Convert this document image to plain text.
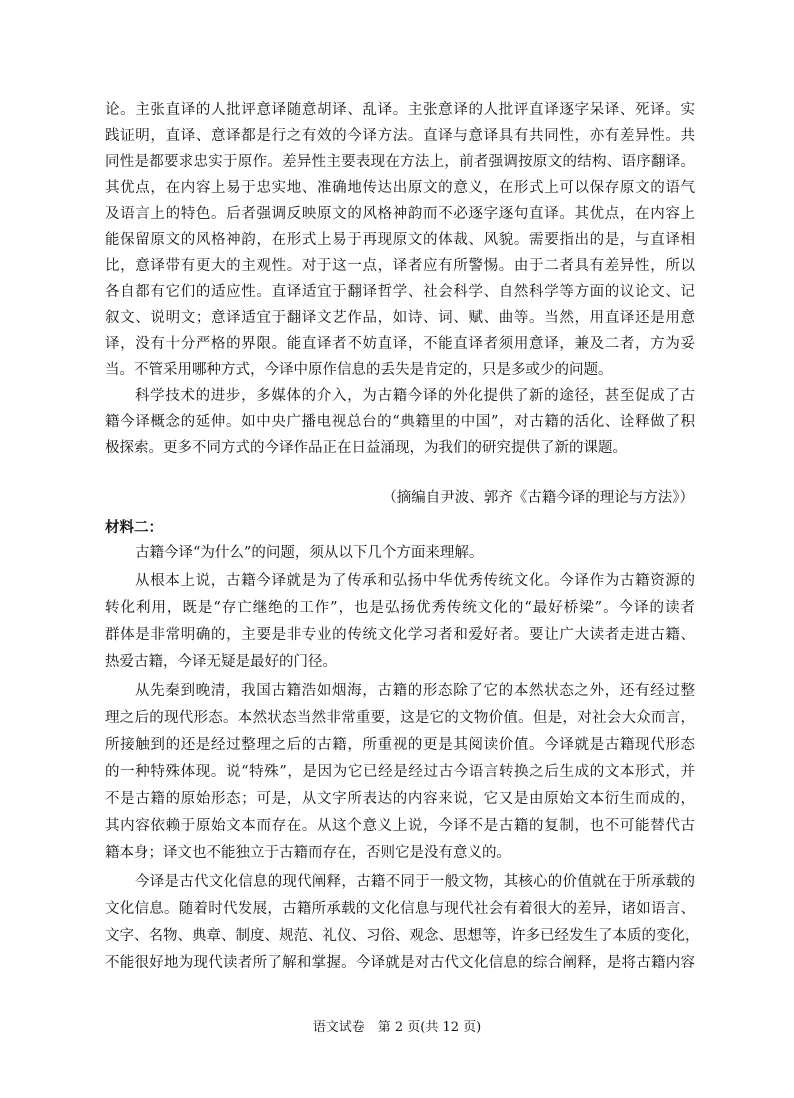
论。主张直译的人批评意译随意胡译、乱译。主张意译的人批评直译逐字呆译、死译。实
践证明，直译、意译都是行之有效的今译方法。直译与意译具有共同性，亦有差异性。共
同性是都要求忠实于原作。差异性主要表现在方法上，前者强调按原文的结构、语序翻译。
其优点，在内容上易于忠实地、准确地传达出原文的意义，在形式上可以保存原文的语气
及语言上的特色。后者强调反映原文的风格神韵而不必逐字逐句直译。其优点，在内容上
能保留原文的风格神韵，在形式上易于再现原文的体裁、风貌。需要指出的是，与直译相
比，意译带有更大的主观性。对于这一点，译者应有所警惕。由于二者具有差异性，所以
各自都有它们的适应性。直译适宜于翻译哲学、社会科学、自然科学等方面的议论文、记
叙文、说明文；意译适宜于翻译文艺作品，如诗、词、赋、曲等。当然，用直译还是用意
译，没有十分严格的界限。能直译者不妨直译，不能直译者须用意译，兼及二者，方为妥
当。不管采用哪种方式，今译中原作信息的丢失是肯定的，只是多或少的问题。
科学技术的进步，多媒体的介入，为古籍今译的外化提供了新的途径，甚至促成了古
籍今译概念的延伸。如中央广播电视总台的“典籍里的中国”，对古籍的活化、诠释做了积
极探索。更多不同方式的今译作品正在日益涌现，为我们的研究提供了新的课题。
（摘编自尹波、郭齐《古籍今译的理论与方法》）
材料二：
古籍今译“为什么”的问题，须从以下几个方面来理解。
从根本上说，古籍今译就是为了传承和弘扬中华优秀传统文化。今译作为古籍资源的
转化利用，既是“存亡继绝的工作”，也是弘扬优秀传统文化的“最好桥梁”。今译的读者
群体是非常明确的，主要是非专业的传统文化学习者和爱好者。要让广大读者走进古籍、
热爱古籍，今译无疑是最好的门径。
从先秦到晚清，我国古籍浩如烟海，古籍的形态除了它的本然状态之外，还有经过整
理之后的现代形态。本然状态当然非常重要，这是它的文物价值。但是，对社会大众而言，
所接触到的还是经过整理之后的古籍，所重视的更是其阅读价值。今译就是古籍现代形态
的一种特殊体现。说“特殊”，是因为它已经是经过古今语言转换之后生成的文本形式，并
不是古籍的原始形态；可是，从文字所表达的内容来说，它又是由原始文本衍生而成的，
其内容依赖于原始文本而存在。从这个意义上说，今译不是古籍的复制，也不可能替代古
籍本身；译文也不能独立于古籍而存在，否则它是没有意义的。
今译是古代文化信息的现代阐释，古籍不同于一般文物，其核心的价值就在于所承载的
文化信息。随着时代发展，古籍所承载的文化信息与现代社会有着很大的差异，诸如语言、
文字、名物、典章、制度、规范、礼仪、习俗、观念、思想等，许多已经发生了本质的变化，
不能很好地为现代读者所了解和掌握。今译就是对古代文化信息的综合阐释，是将古籍内容
语文试卷　第 2 页(共 12 页)
